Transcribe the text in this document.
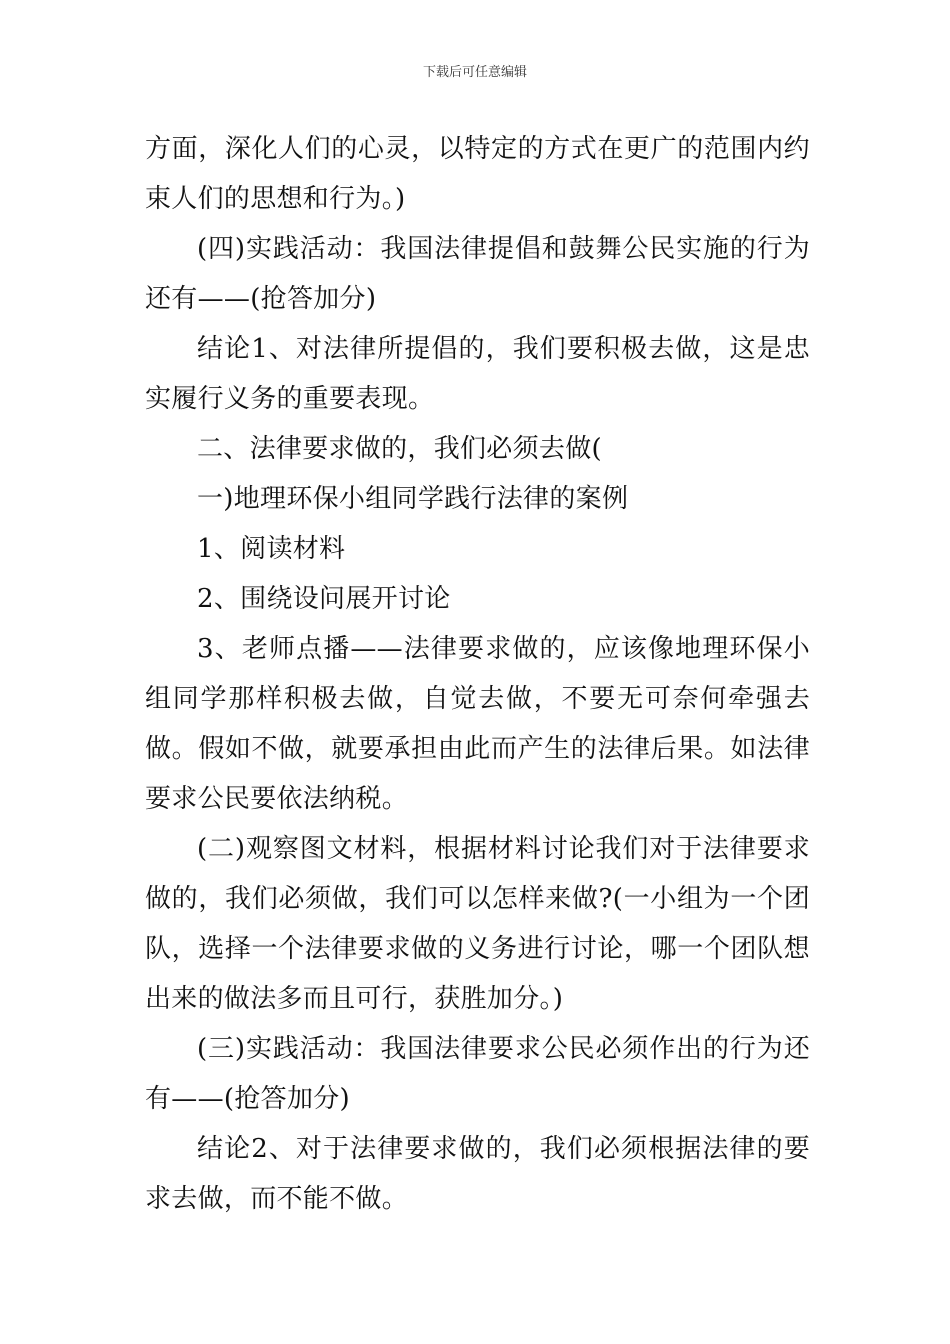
下载后可任意编辑

方面，深化人们的心灵，以特定的方式在更广的范围内约束人们的思想和行为。)

(四)实践活动：我国法律提倡和鼓舞公民实施的行为还有——(抢答加分)

结论1、对法律所提倡的，我们要积极去做，这是忠实履行义务的重要表现。

二、法律要求做的，我们必须去做(

一)地理环保小组同学践行法律的案例

1、阅读材料

2、围绕设问展开讨论

3、老师点播——法律要求做的，应该像地理环保小组同学那样积极去做，自觉去做，不要无可奈何牵强去做。假如不做，就要承担由此而产生的法律后果。如法律要求公民要依法纳税。

(二)观察图文材料，根据材料讨论我们对于法律要求做的，我们必须做，我们可以怎样来做?(一小组为一个团队，选择一个法律要求做的义务进行讨论，哪一个团队想出来的做法多而且可行，获胜加分。)

(三)实践活动：我国法律要求公民必须作出的行为还有——(抢答加分)

结论2、对于法律要求做的，我们必须根据法律的要求去做，而不能不做。
